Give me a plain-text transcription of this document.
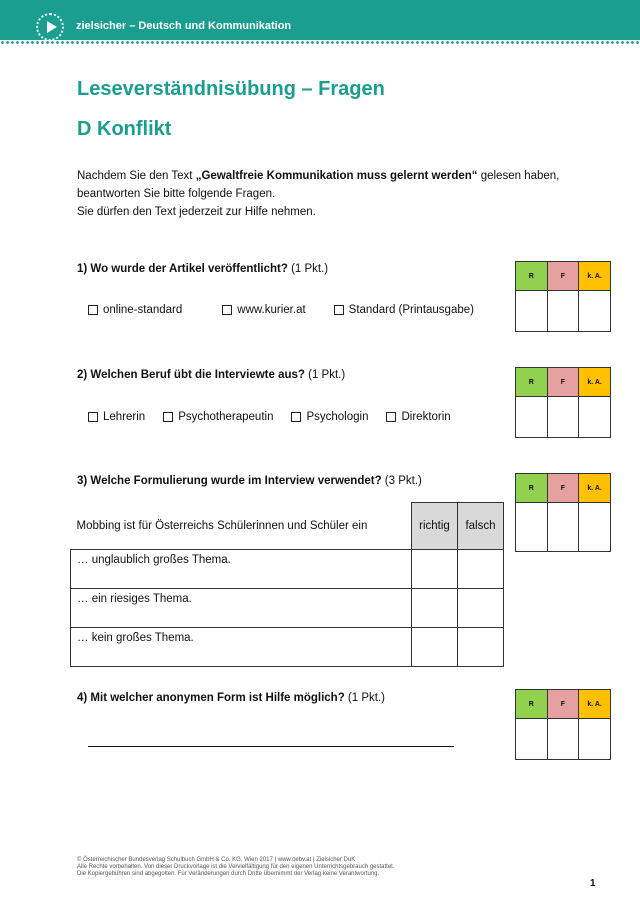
zielsicher – Deutsch und Kommunikation
Leseverständnisübung – Fragen
D Konflikt
Nachdem Sie den Text „Gewaltfreie Kommunikation muss gelernt werden“ gelesen haben,
beantworten Sie bitte folgende Fragen.
Sie dürfen den Text jederzeit zur Hilfe nehmen.
1) Wo wurde der Artikel veröffentlicht? (1 Pkt.)
online-standard	www.kurier.at	Standard (Printausgabe)
R	F	k. A.

2) Welchen Beruf übt die Interviewte aus? (1 Pkt.)
Lehrerin	Psychotherapeutin	Psychologin	Direktorin
R	F	k. A.

3) Welche Formulierung wurde im Interview verwendet? (3 Pkt.)
R	F	k. A.

Mobbing ist für Österreichs Schülerinnen und Schüler ein	richtig	falsch
… unglaublich großes Thema.		
… ein riesiges Thema.		
… kein großes Thema.		
4) Mit welcher anonymen Form ist Hilfe möglich? (1 Pkt.)	R	F	k. A.

© Österreichischer Bundesverlag Schulbuch GmbH & Co. KG, Wien 2017 | www.oebv.at | Zielsicher DuK
Alle Rechte vorbehalten. Von dieser Druckvorlage ist die Vervielfältigung für den eigenen Unterrichtsgebrauch gestattet.
Die Kopiergebühren sind abgegolten. Für Veränderungen durch Dritte übernimmt der Verlag keine Verantwortung.
1
